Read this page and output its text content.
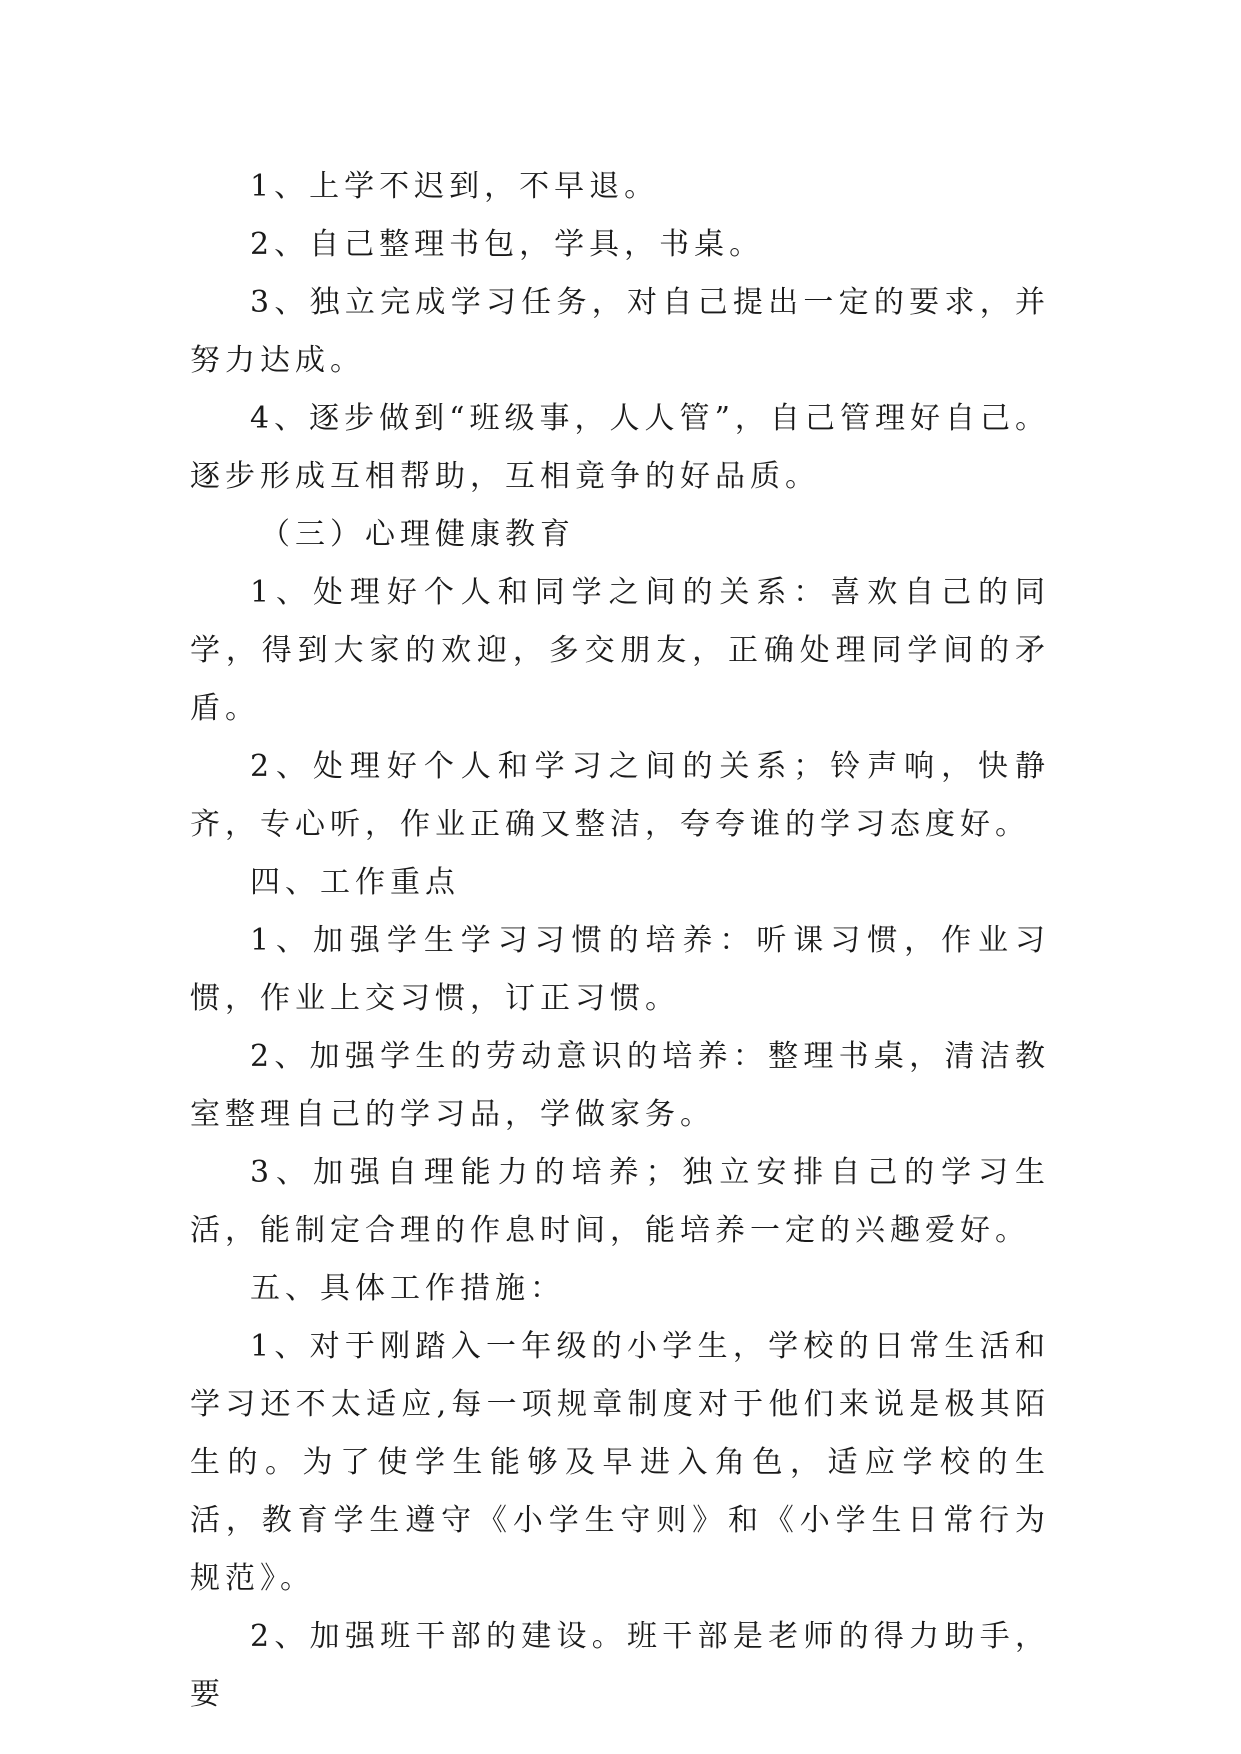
1、上学不迟到，不早退。

2、自己整理书包，学具，书桌。

3、独立完成学习任务，对自己提出一定的要求，并努力达成。

4、逐步做到“班级事，人人管”，自己管理好自己。逐步形成互相帮助，互相竟争的好品质。

（三）心理健康教育

1、处理好个人和同学之间的关系：喜欢自己的同学，得到大家的欢迎，多交朋友，正确处理同学间的矛盾。

2、处理好个人和学习之间的关系；铃声响，快静齐，专心听，作业正确又整洁，夸夸谁的学习态度好。

四、工作重点

1、加强学生学习习惯的培养：听课习惯，作业习惯，作业上交习惯，订正习惯。

2、加强学生的劳动意识的培养：整理书桌，清洁教室整理自己的学习品，学做家务。

3、加强自理能力的培养；独立安排自己的学习生活，能制定合理的作息时间，能培养一定的兴趣爱好。

五、具体工作措施：

1、对于刚踏入一年级的小学生，学校的日常生活和学习还不太适应,每一项规章制度对于他们来说是极其陌生的。为了使学生能够及早进入角色，适应学校的生活，教育学生遵守《小学生守则》和《小学生日常行为规范》。

2、加强班干部的建设。班干部是老师的得力助手，要
